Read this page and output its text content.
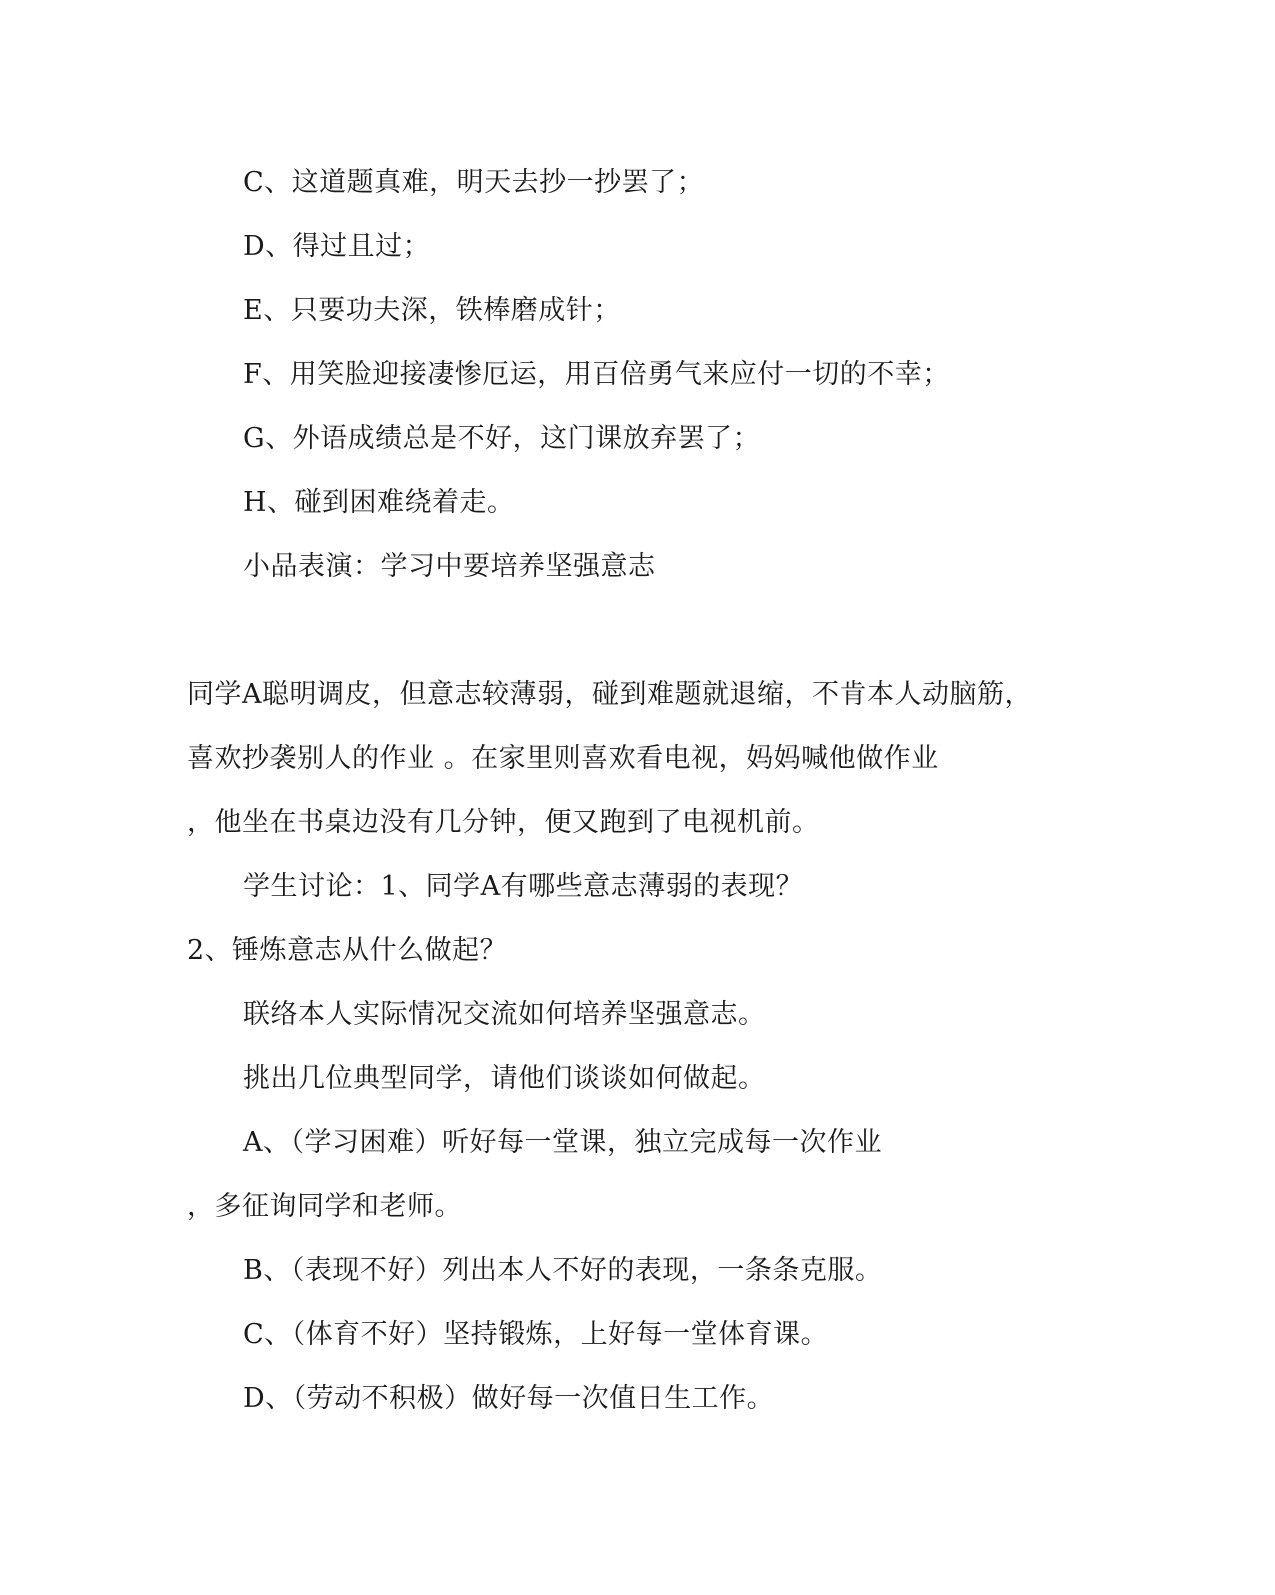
C、这道题真难，明天去抄一抄罢了；
D、得过且过；
E、只要功夫深，铁棒磨成针；
F、用笑脸迎接凄惨厄运，用百倍勇气来应付一切的不幸；
G、外语成绩总是不好，这门课放弃罢了；
H、碰到困难绕着走。
小品表演：学习中要培养坚强意志
同学A聪明调皮，但意志较薄弱，碰到难题就退缩，不肯本人动脑筋，
喜欢抄袭别人的作业 。在家里则喜欢看电视，妈妈喊他做作业
，他坐在书桌边没有几分钟，便又跑到了电视机前。
学生讨论：1、同学A有哪些意志薄弱的表现？
2、锤炼意志从什么做起？
联络本人实际情况交流如何培养坚强意志。
挑出几位典型同学，请他们谈谈如何做起。
A、（学习困难）听好每一堂课，独立完成每一次作业
，多征询同学和老师。
B、（表现不好）列出本人不好的表现，一条条克服。
C、（体育不好）坚持锻炼，上好每一堂体育课。
D、（劳动不积极）做好每一次值日生工作。
